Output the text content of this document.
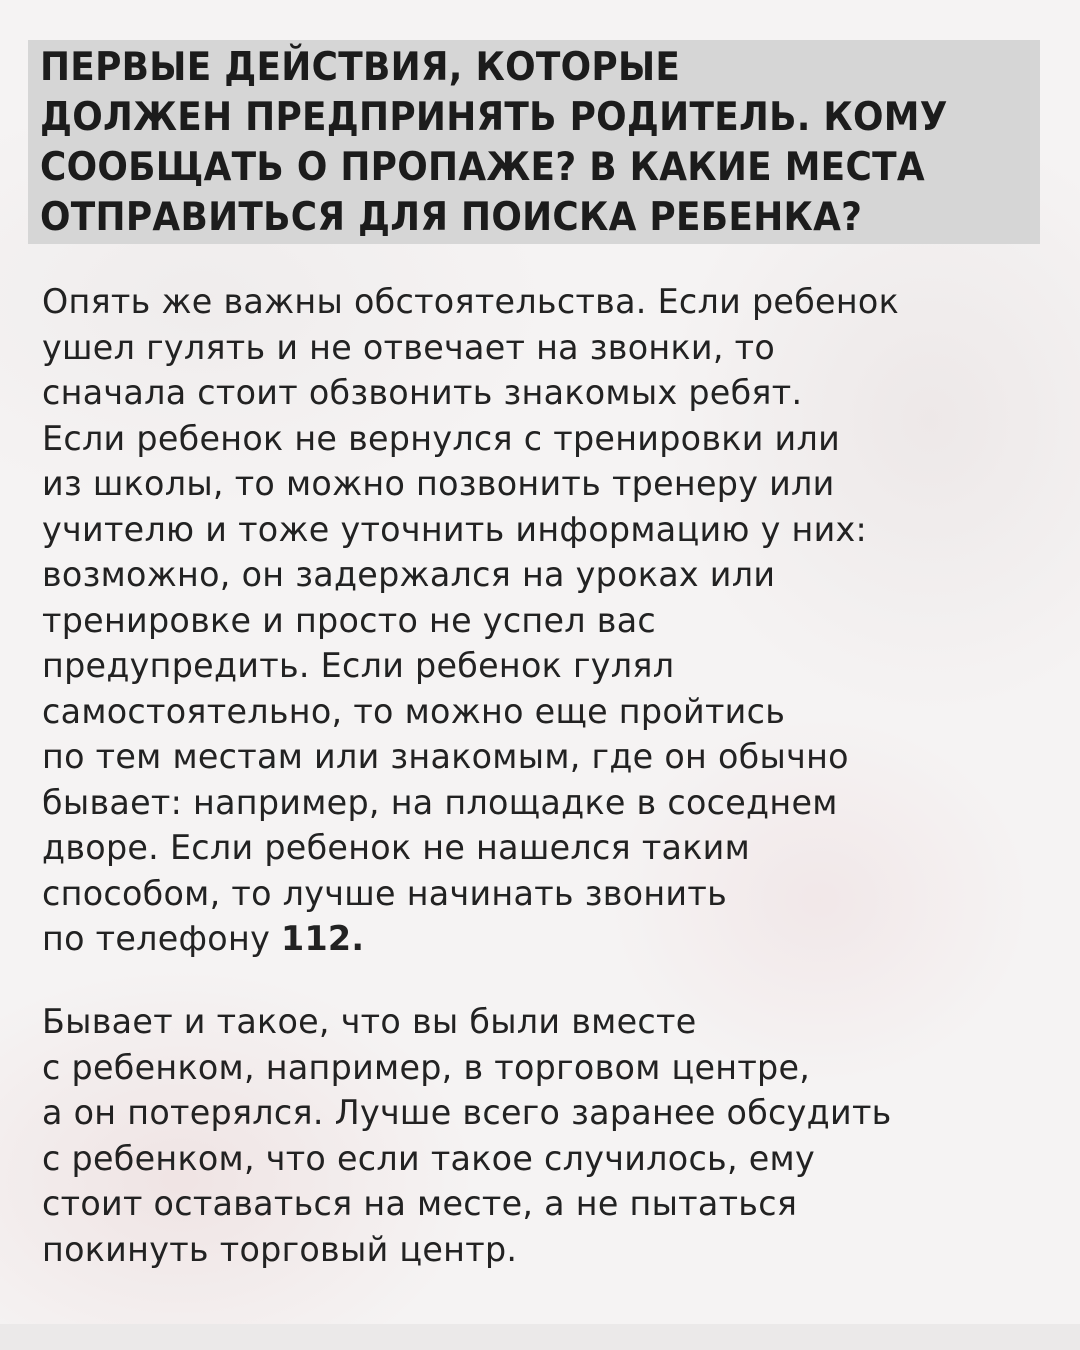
ПЕРВЫЕ ДЕЙСТВИЯ, КОТОРЫЕ
ДОЛЖЕН ПРЕДПРИНЯТЬ РОДИТЕЛЬ. КОМУ
СООБЩАТЬ О ПРОПАЖЕ? В КАКИЕ МЕСТА
ОТПРАВИТЬСЯ ДЛЯ ПОИСКА РЕБЕНКА?

Опять же важны обстоятельства. Если ребенок
ушел гулять и не отвечает на звонки, то
сначала стоит обзвонить знакомых ребят.
Если ребенок не вернулся с тренировки или
из школы, то можно позвонить тренеру или
учителю и тоже уточнить информацию у них:
возможно, он задержался на уроках или
тренировке и просто не успел вас
предупредить. Если ребенок гулял
самостоятельно, то можно еще пройтись
по тем местам или знакомым, где он обычно
бывает: например, на площадке в соседнем
дворе. Если ребенок не нашелся таким
способом, то лучше начинать звонить
по телефону 112.

Бывает и такое, что вы были вместе
с ребенком, например, в торговом центре,
а он потерялся. Лучше всего заранее обсудить
с ребенком, что если такое случилось, ему
стоит оставаться на месте, а не пытаться
покинуть торговый центр.
